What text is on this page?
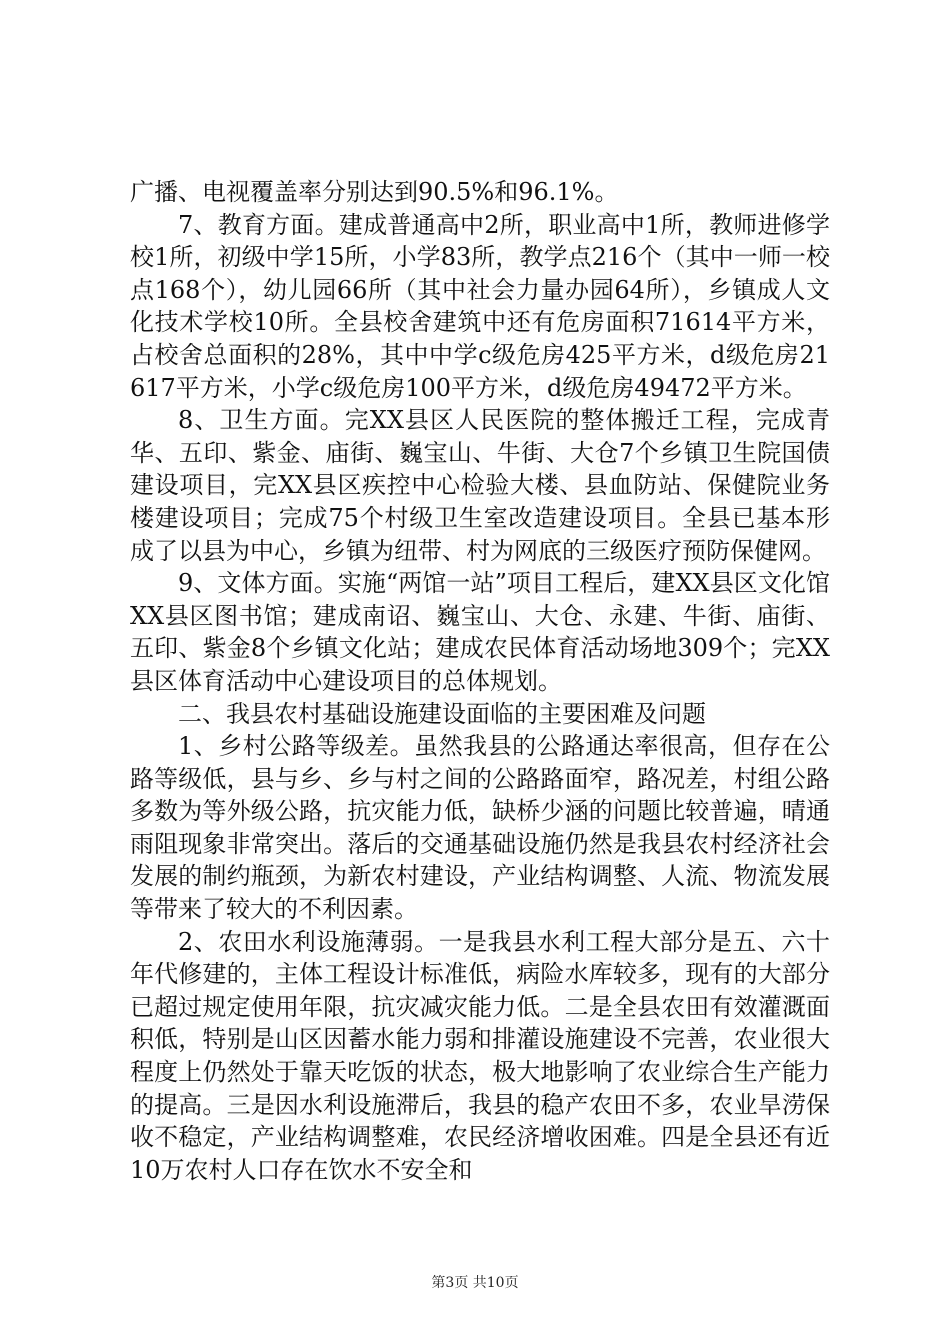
广播、电视覆盖率分别达到90.5%和96.1%。

7、教育方面。建成普通高中2所，职业高中1所，教师进修学校1所，初级中学15所，小学83所，教学点216个（其中一师一校点168个），幼儿园66所（其中社会力量办园64所），乡镇成人文化技术学校10所。全县校舍建筑中还有危房面积71614平方米，占校舍总面积的28%，其中中学c级危房425平方米，d级危房21617平方米，小学c级危房100平方米，d级危房49472平方米。

8、卫生方面。完XX县区人民医院的整体搬迁工程，完成青华、五印、紫金、庙街、巍宝山、牛街、大仓7个乡镇卫生院国债建设项目，完XX县区疾控中心检验大楼、县血防站、保健院业务楼建设项目；完成75个村级卫生室改造建设项目。全县已基本形成了以县为中心，乡镇为纽带、村为网底的三级医疗预防保健网。

9、文体方面。实施“两馆一站”项目工程后，建XX县区文化馆XX县区图书馆；建成南诏、巍宝山、大仓、永建、牛街、庙街、五印、紫金8个乡镇文化站；建成农民体育活动场地309个；完XX县区体育活动中心建设项目的总体规划。

二、我县农村基础设施建设面临的主要困难及问题

1、乡村公路等级差。虽然我县的公路通达率很高，但存在公路等级低，县与乡、乡与村之间的公路路面窄，路况差，村组公路多数为等外级公路，抗灾能力低，缺桥少涵的问题比较普遍，晴通雨阻现象非常突出。落后的交通基础设施仍然是我县农村经济社会发展的制约瓶颈，为新农村建设，产业结构调整、人流、物流发展等带来了较大的不利因素。

2、农田水利设施薄弱。一是我县水利工程大部分是五、六十年代修建的，主体工程设计标准低，病险水库较多，现有的大部分已超过规定使用年限，抗灾减灾能力低。二是全县农田有效灌溉面积低，特别是山区因蓄水能力弱和排灌设施建设不完善，农业很大程度上仍然处于靠天吃饭的状态，极大地影响了农业综合生产能力的提高。三是因水利设施滞后，我县的稳产农田不多，农业旱涝保收不稳定，产业结构调整难，农民经济增收困难。四是全县还有近10万农村人口存在饮水不安全和

第3页 共10页
